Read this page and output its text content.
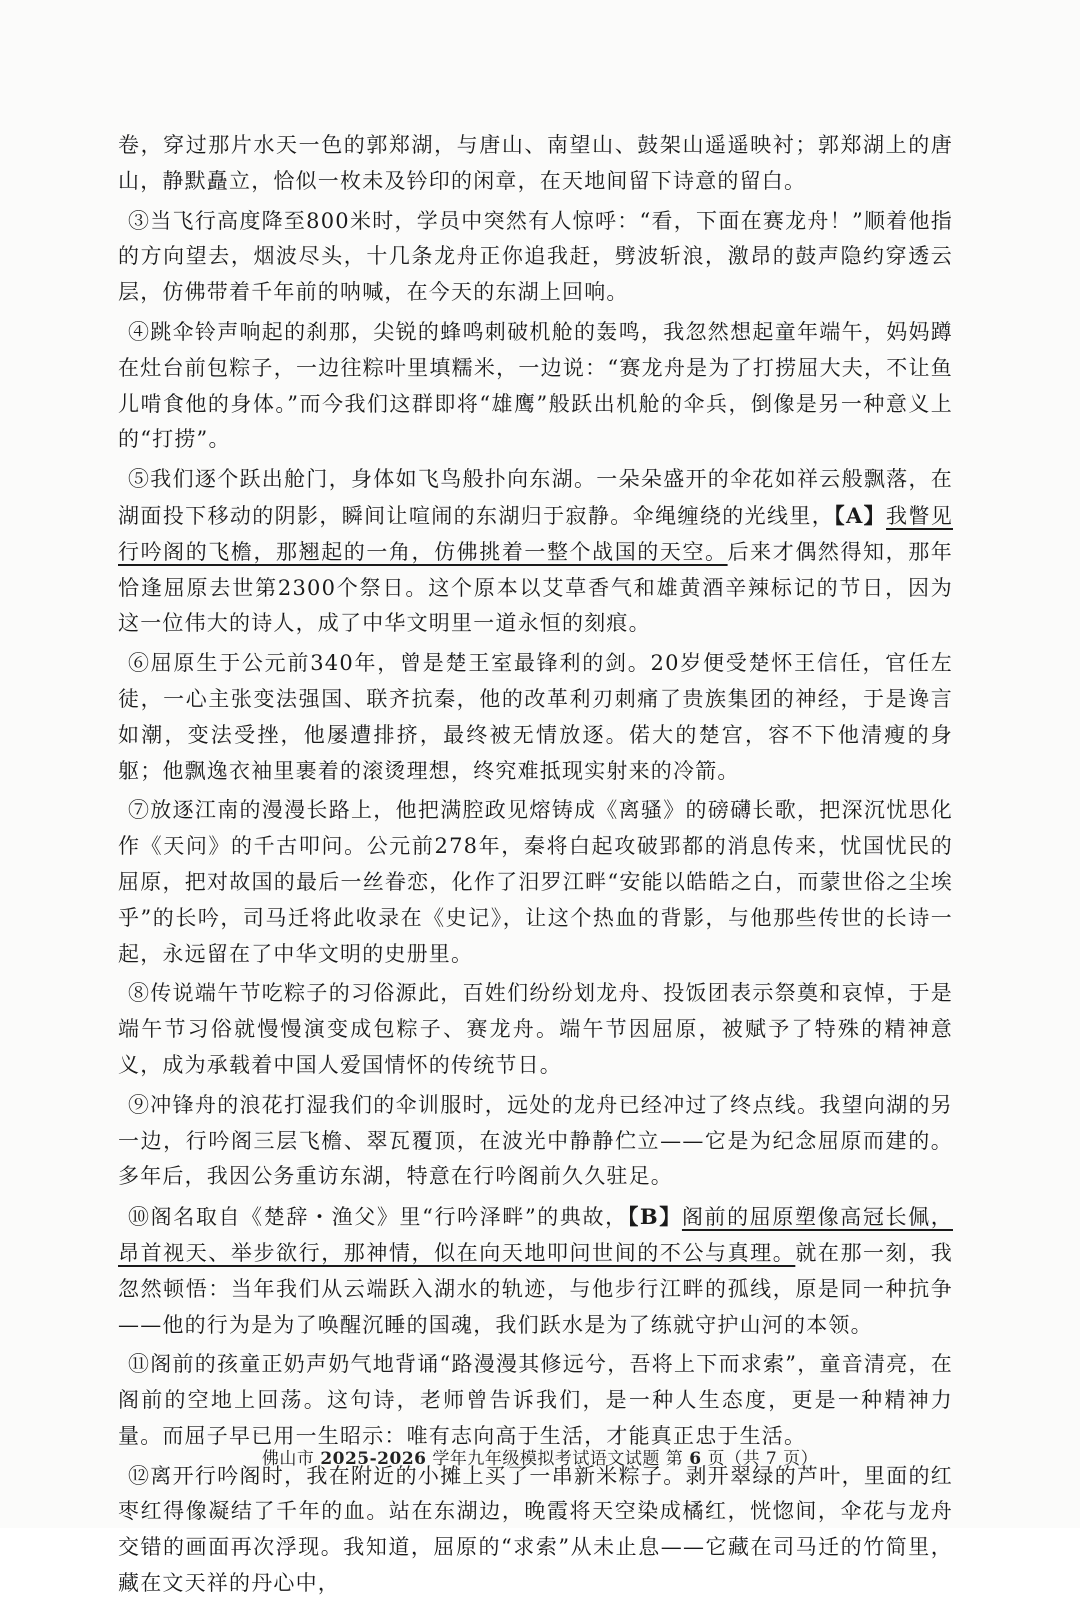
卷，穿过那片水天一色的郭郑湖，与唐山、南望山、鼓架山遥遥映衬；郭郑湖上的唐山，静默矗立，恰似一枚未及钤印的闲章，在天地间留下诗意的留白。

③当飞行高度降至800米时，学员中突然有人惊呼：“看，下面在赛龙舟！”顺着他指的方向望去，烟波尽头，十几条龙舟正你追我赶，劈波斩浪，激昂的鼓声隐约穿透云层，仿佛带着千年前的呐喊，在今天的东湖上回响。

④跳伞铃声响起的刹那，尖锐的蜂鸣刺破机舱的轰鸣，我忽然想起童年端午，妈妈蹲在灶台前包粽子，一边往粽叶里填糯米，一边说：“赛龙舟是为了打捞屈大夫，不让鱼儿啃食他的身体。”而今我们这群即将“雄鹰”般跃出机舱的伞兵，倒像是另一种意义上的“打捞”。

⑤我们逐个跃出舱门，身体如飞鸟般扑向东湖。一朵朵盛开的伞花如祥云般飘落，在湖面投下移动的阴影，瞬间让喧闹的东湖归于寂静。伞绳缠绕的光线里，【A】我瞥见行吟阁的飞檐，那翘起的一角，仿佛挑着一整个战国的天空。后来才偶然得知，那年恰逢屈原去世第2300个祭日。这个原本以艾草香气和雄黄酒辛辣标记的节日，因为这一位伟大的诗人，成了中华文明里一道永恒的刻痕。

⑥屈原生于公元前340年，曾是楚王室最锋利的剑。20岁便受楚怀王信任，官任左徒，一心主张变法强国、联齐抗秦，他的改革利刃刺痛了贵族集团的神经，于是谗言如潮，变法受挫，他屡遭排挤，最终被无情放逐。偌大的楚宫，容不下他清瘦的身躯；他飘逸衣袖里裹着的滚烫理想，终究难抵现实射来的冷箭。

⑦放逐江南的漫漫长路上，他把满腔政见熔铸成《离骚》的磅礴长歌，把深沉忧思化作《天问》的千古叩问。公元前278年，秦将白起攻破郢都的消息传来，忧国忧民的屈原，把对故国的最后一丝眷恋，化作了汨罗江畔“安能以皓皓之白，而蒙世俗之尘埃乎”的长吟，司马迁将此收录在《史记》，让这个热血的背影，与他那些传世的长诗一起，永远留在了中华文明的史册里。

⑧传说端午节吃粽子的习俗源此，百姓们纷纷划龙舟、投饭团表示祭奠和哀悼，于是端午节习俗就慢慢演变成包粽子、赛龙舟。端午节因屈原，被赋予了特殊的精神意义，成为承载着中国人爱国情怀的传统节日。

⑨冲锋舟的浪花打湿我们的伞训服时，远处的龙舟已经冲过了终点线。我望向湖的另一边，行吟阁三层飞檐、翠瓦覆顶，在波光中静静伫立——它是为纪念屈原而建的。多年后，我因公务重访东湖，特意在行吟阁前久久驻足。

⑩阁名取自《楚辞・渔父》里“行吟泽畔”的典故，【B】阁前的屈原塑像高冠长佩，昂首视天、举步欲行，那神情，似在向天地叩问世间的不公与真理。就在那一刻，我忽然顿悟：当年我们从云端跃入湖水的轨迹，与他步行江畔的孤线，原是同一种抗争——他的行为是为了唤醒沉睡的国魂，我们跃水是为了练就守护山河的本领。

⑪阁前的孩童正奶声奶气地背诵“路漫漫其修远兮，吾将上下而求索”，童音清亮，在阁前的空地上回荡。这句诗，老师曾告诉我们，是一种人生态度，更是一种精神力量。而屈子早已用一生昭示：唯有志向高于生活，才能真正忠于生活。

⑫离开行吟阁时，我在附近的小摊上买了一串新米粽子。剥开翠绿的芦叶，里面的红枣红得像凝结了千年的血。站在东湖边，晚霞将天空染成橘红，恍惚间，伞花与龙舟交错的画面再次浮现。我知道，屈原的“求索”从未止息——它藏在司马迁的竹简里，藏在文天祥的丹心中，

佛山市 2025-2026 学年九年级模拟考试语文试题 第 6 页（共 7 页）
